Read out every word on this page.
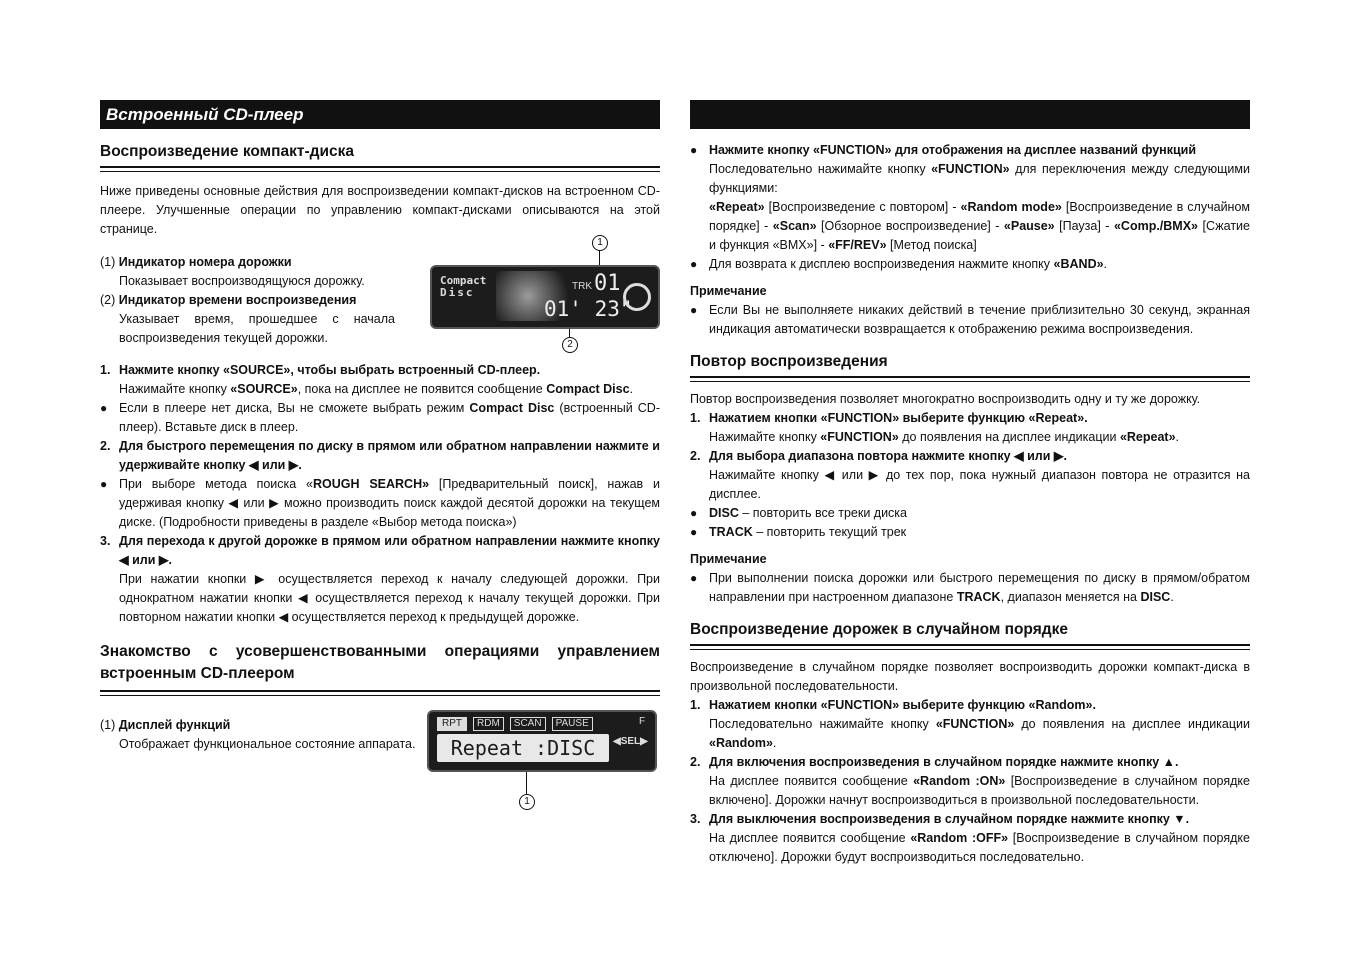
Встроенный CD-плеер
Воспроизведение компакт-диска
Ниже приведены основные действия для воспроизведении компакт-дисков на встроенном CD-плеере. Улучшенные операции по управлению компакт-дисками описываются на этой странице.
(1) Индикатор номера дорожки
Показывает воспроизводящуюся дорожку.
(2) Индикатор времени воспроизведения
Указывает время, прошедшее с начала воспроизведения текущей дорожки.
1
Compact
Disc	TRK 01
01' 23"
2
1. Нажмите кнопку «SOURCE», чтобы выбрать встроенный CD-плеер.
Нажимайте кнопку «SOURCE», пока на дисплее не появится сообщение Compact Disc.
● Если в плеере нет диска, Вы не сможете выбрать режим Compact Disc (встроенный CD-плеер). Вставьте диск в плеер.
2. Для быстрого перемещения по диску в прямом или обратном направлении нажмите и удерживайте кнопку ◀ или ▶.
● При выборе метода поиска «ROUGH SEARCH» [Предварительный поиск], нажав и удерживая кнопку ◀ или ▶ можно производить поиск каждой десятой дорожки на текущем диске. (Подробности приведены в разделе «Выбор метода поиска»)
3. Для перехода к другой дорожке в прямом или обратном направлении нажмите кнопку ◀ или ▶.
При нажатии кнопки ▶ осуществляется переход к началу следующей дорожки. При однократном нажатии кнопки ◀ осуществляется переход к началу текущей дорожки. При повторном нажатии кнопки ◀ осуществляется переход к предыдущей дорожке.
Знакомство с усовершенствованными операциями управлением встроенным CD-плеером
(1) Дисплей функций
Отображает функциональное состояние аппарата.
RPT	RDM	SCAN	PAUSE	F
◀SEL▶
Repeat :DISC
1
● Нажмите кнопку «FUNCTION» для отображения на дисплее названий функций
Последовательно нажимайте кнопку «FUNCTION» для переключения между следующими функциями:
«Repeat» [Воспроизведение с повтором] - «Random mode» [Воспроизведение в случайном порядке] - «Scan» [Обзорное воспроизведение] - «Pause» [Пауза] - «Comp./BMX» [Сжатие и функция «BMX»] - «FF/REV» [Метод поиска]
● Для возврата к дисплею воспроизведения нажмите кнопку «BAND».
Примечание
● Если Вы не выполняете никаких действий в течение приблизительно 30 секунд, экранная индикация автоматически возвращается к отображению режима воспроизведения.
Повтор воспроизведения
Повтор воспроизведения позволяет многократно воспроизводить одну и ту же дорожку.
1. Нажатием кнопки «FUNCTION» выберите функцию «Repeat».
Нажимайте кнопку «FUNCTION» до появления на дисплее индикации «Repeat».
2. Для выбора диапазона повтора нажмите кнопку ◀ или ▶.
Нажимайте кнопку ◀ или ▶ до тех пор, пока нужный диапазон повтора не отразится на дисплее.
● DISC – повторить все треки диска
● TRACK – повторить текущий трек
Примечание
● При выполнении поиска дорожки или быстрого перемещения по диску в прямом/обратом направлении при настроенном диапазоне TRACK, диапазон меняется на DISC.
Воспроизведение дорожек в случайном порядке
Воспроизведение в случайном порядке позволяет воспроизводить дорожки компакт-диска в произвольной последовательности.
1. Нажатием кнопки «FUNCTION» выберите функцию «Random».
Последовательно нажимайте кнопку «FUNCTION» до появления на дисплее индикации «Random».
2. Для включения воспроизведения в случайном порядке нажмите кнопку ▲.
На дисплее появится сообщение «Random :ON» [Воспроизведение в случайном порядке включено]. Дорожки начнут воспроизводиться в произвольной последовательности.
3. Для выключения воспроизведения в случайном порядке нажмите кнопку ▼.
На дисплее появится сообщение «Random :OFF» [Воспроизведение в случайном порядке отключено]. Дорожки будут воспроизводиться последовательно.
